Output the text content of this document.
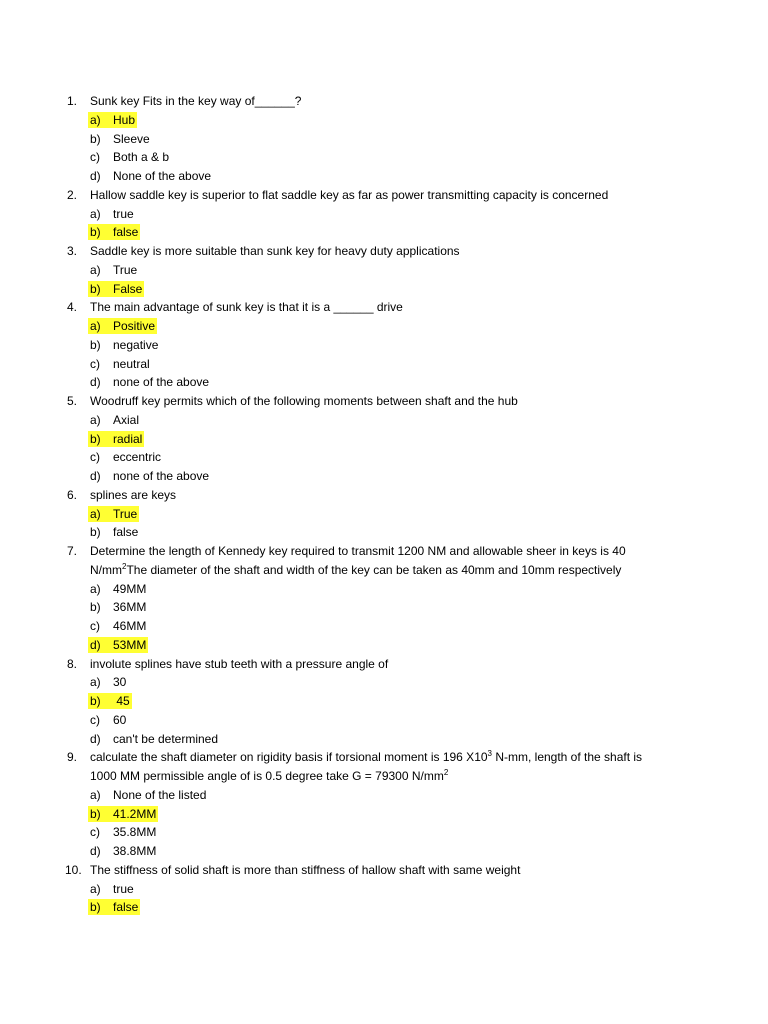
1.	Sunk key Fits in the key way of______?
a) Hub
b) Sleeve
c) Both a & b
d) None of the above
2.	Hallow saddle key is superior to flat saddle key as far as power transmitting capacity is concerned
a) true
b) false
3.	Saddle key is more suitable than sunk key for heavy duty applications
a) True
b) False
4.	The main advantage of sunk key is that it is a ______ drive
a) Positive
b) negative
c) neutral
d) none of the above
5.	Woodruff key permits which of the following moments between shaft and the hub
a) Axial
b) radial
c) eccentric
d) none of the above
6.	splines are keys
a) True
b) false
7.	Determine the length of Kennedy key required to transmit 1200 NM and allowable sheer in keys is 40
$N/mm^2The$ diameter of the shaft and width of the key can be taken as 40mm and 10mm respectively
a) 49MM
b) 36MM
c) 46MM
d) 53MM
8.	involute splines have stub teeth with a pressure angle of
a) 30
b) 45
c) 60
d) can't be determined
9.	calculate the shaft diameter on rigidity basis if torsional moment is 196 $X10^3$ N-mm, length of the shaft is
1000 MM permissible angle of is 0.5 degree take G = 79300 $N/mm^2$
a) None of the listed
b) 41.2MM
c) 35.8MM
d) 38.8MM
10. The stiffness of solid shaft is more than stiffness of hallow shaft with same weight
a) true
b) false
